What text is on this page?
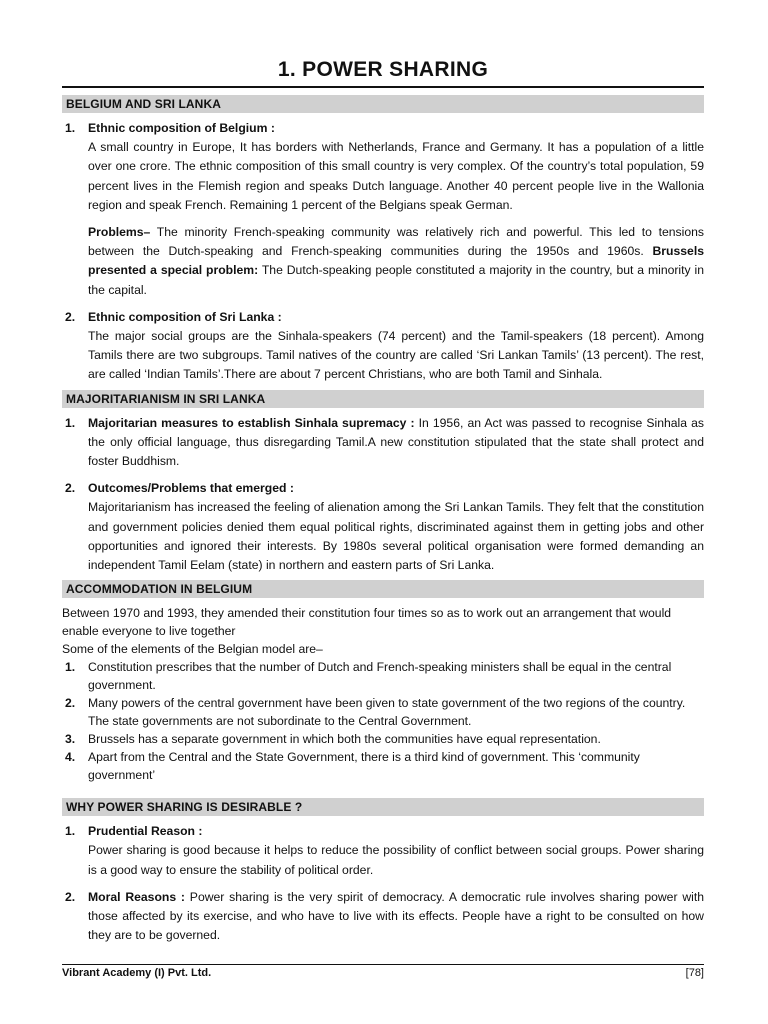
1. POWER SHARING
BELGIUM AND SRI LANKA
1. Ethnic composition of Belgium :
A small country in Europe, It has borders with Netherlands, France and Germany. It has a population of a little over one crore. The ethnic composition of this small country is very complex. Of the country’s total population, 59 percent lives in the Flemish region and speaks Dutch language. Another 40 percent people live in the Wallonia region and speak French. Remaining 1 percent of the Belgians speak German.
Problems– The minority French-speaking community was relatively rich and powerful. This led to tensions between the Dutch-speaking and French-speaking communities during the 1950s and 1960s. Brussels presented a special problem: The Dutch-speaking people constituted a majority in the country, but a minority in the capital.
2. Ethnic composition of Sri Lanka :
The major social groups are the Sinhala-speakers (74 percent) and the Tamil-speakers (18 percent). Among Tamils there are two subgroups. Tamil natives of the country are called ‘Sri Lankan Tamils’ (13 percent). The rest, are called ‘Indian Tamils’.There are about 7 percent Christians, who are both Tamil and Sinhala.
MAJORITARIANISM IN SRI LANKA
1. Majoritarian measures to establish Sinhala supremacy : In 1956, an Act was passed to recognise Sinhala as the only official language, thus disregarding Tamil.A new constitution stipulated that the state shall protect and foster Buddhism.
2. Outcomes/Problems that emerged :
Majoritarianism has increased the feeling of alienation among the Sri Lankan Tamils. They felt that the constitution and government policies denied them equal political rights, discriminated against them in getting jobs and other opportunities and ignored their interests. By 1980s several political organisation were formed demanding an independent Tamil Eelam (state) in northern and eastern parts of Sri Lanka.
ACCOMMODATION IN BELGIUM

Between 1970 and 1993, they amended their constitution four times so as to work out an arrangement that would enable everyone to live together

Some of the elements of the Belgian model are–

1. Constitution prescribes that the number of Dutch and French-speaking ministers shall be equal in the central government.
2. Many powers of the central government have been given to state government of the two regions of the country. The state governments are not subordinate to the Central Government.
3. Brussels has a separate government in which both the communities have equal representation.
4. Apart from the Central and the State Government, there is a third kind of government. This ‘community government’
WHY POWER SHARING IS DESIRABLE ?
1. Prudential Reason :
Power sharing is good because it helps to reduce the possibility of conflict between social groups. Power sharing is a good way to ensure the stability of political order.
2. Moral Reasons : Power sharing is the very spirit of democracy. A democratic rule involves sharing power with those affected by its exercise, and who have to live with its effects. People have a right to be consulted on how they are to be governed.
Vibrant Academy (I) Pvt. Ltd.	[78]
